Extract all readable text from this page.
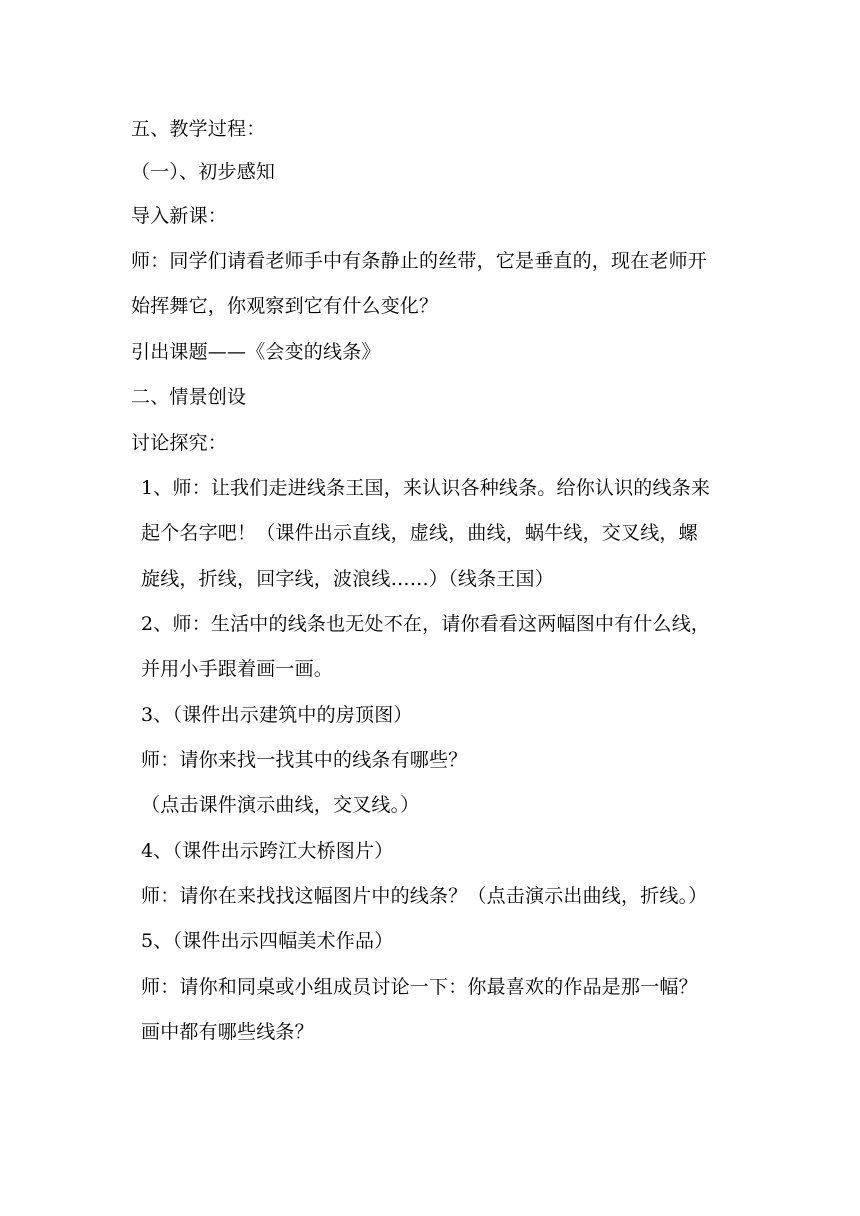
五、教学过程：
（一）、初步感知
导入新课：
师：同学们请看老师手中有条静止的丝带，它是垂直的，现在老师开
始挥舞它，你观察到它有什么变化？
引出课题——《会变的线条》
二、情景创设
讨论探究：
1、师：让我们走进线条王国，来认识各种线条。给你认识的线条来
起个名字吧！（课件出示直线，虚线，曲线，蜗牛线，交叉线，螺
旋线，折线，回字线，波浪线……）（线条王国）
2、师：生活中的线条也无处不在，请你看看这两幅图中有什么线，
并用小手跟着画一画。
3、（课件出示建筑中的房顶图）
师：请你来找一找其中的线条有哪些？
（点击课件演示曲线，交叉线。）
4、（课件出示跨江大桥图片）
师：请你在来找找这幅图片中的线条？（点击演示出曲线，折线。）
5、（课件出示四幅美术作品）
师：请你和同桌或小组成员讨论一下：你最喜欢的作品是那一幅？
画中都有哪些线条？
